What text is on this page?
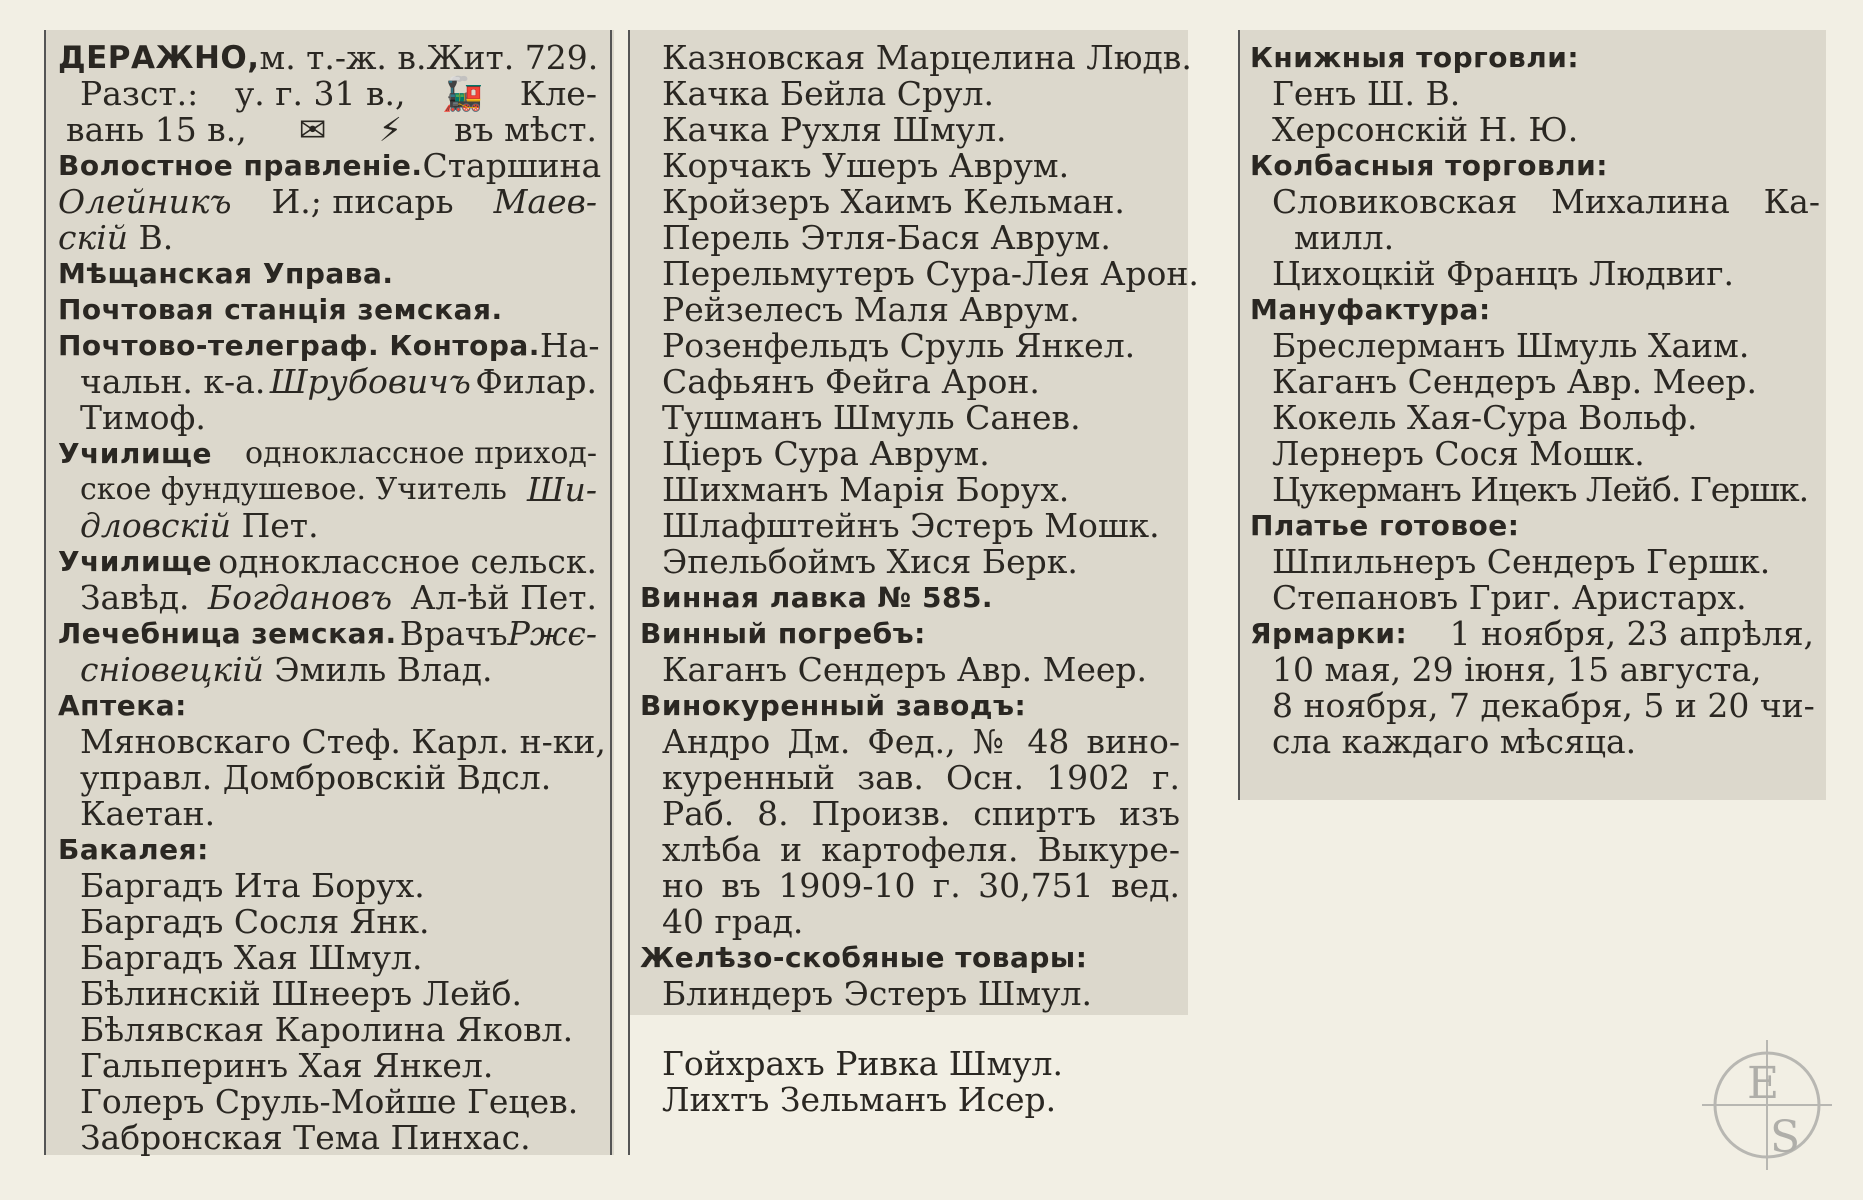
ДЕРАЖНО, м. т.-ж. в. Жит. 729.
Разст.: у. г. 31 в., 🚂 Кле-
вань 15 в., ✉ ⚡ въ мѣст.
Волостное правленіе. Старшина
Олейникъ И.; писарь Маев-
скій В.
Мѣщанская Управа.
Почтовая станція земская.
Почтово-телеграф. Контора. На-
чальн. к-а. Шрубовичъ Филар.
Тимоф.
Училище одноклассное приход-
ское фундушевое. Учитель Ши-
дловскій Пет.
Училище одноклассное сельск.
Завѣд. Богдановъ Ал-ѣй Пет.
Лечебница земская. ВрачъРжє-
сніовецкій Эмиль Влад.
Аптека:
Мяновскаго Стеф. Карл. н-ки,
управл. Домбровскій Вдсл.
Каетан.
Бакалея:
Баргадъ Ита Борух.
Баргадъ Сосля Янк.
Баргадъ Хая Шмул.
Бѣлинскій Шнееръ Лейб.
Бѣлявская Каролина Яковл.
Гальперинъ Хая Янкел.
Голеръ Сруль-Мойше Гецев.
Забронская Тема Пинхас.
Казновская Марцелина Людв.
Качка Бейла Срул.
Качка Рухля Шмул.
Корчакъ Ушеръ Аврум.
Кройзеръ Хаимъ Кельман.
Перель Этля-Бася Аврум.
Перельмутеръ Сура-Лея Арон.
Рейзелесъ Маля Аврум.
Розенфельдъ Сруль Янкел.
Сафьянъ Фейга Арон.
Тушманъ Шмуль Санев.
Ціеръ Сура Аврум.
Шихманъ Марія Борух.
Шлафштейнъ Эстеръ Мошк.
Эпельбоймъ Хися Берк.
Винная лавка № 585.
Винный погребъ:
Каганъ Сендеръ Авр. Меер.
Винокуренный заводъ:
Андро Дм. Фед., № 48 вино-
куренный зав. Осн. 1902 г.
Раб. 8. Произв. спиртъ изъ
хлѣба и картофеля. Выкуре-
но въ 1909-10 г. 30,751 вед.
40 град.
Желѣзо-скобяные товары:
Блиндеръ Эстеръ Шмул.
Гойхрахъ Ривка Шмул.
Лихтъ Зельманъ Исер.
Книжныя торговли:
Генъ Ш. В.
Херсонскій Н. Ю.
Колбасныя торговли:
Словиковская Михалина Ка-
милл.
Цихоцкій Францъ Людвиг.
Мануфактура:
Бреслерманъ Шмуль Хаим.
Каганъ Сендеръ Авр. Меер.
Кокель Хая-Сура Вольф.
Лернеръ Сося Мошк.
Цукерманъ Ицекъ Лейб. Гершк.
Платье готовое:
Шпильнеръ Сендеръ Гершк.
Степановъ Григ. Аристарх.
Ярмарки: 1 ноября, 23 апрѣля,
10 мая, 29 іюня, 15 августа,
8 ноября, 7 декабря, 5 и 20 чи-
сла каждаго мѣсяца.
E
S
